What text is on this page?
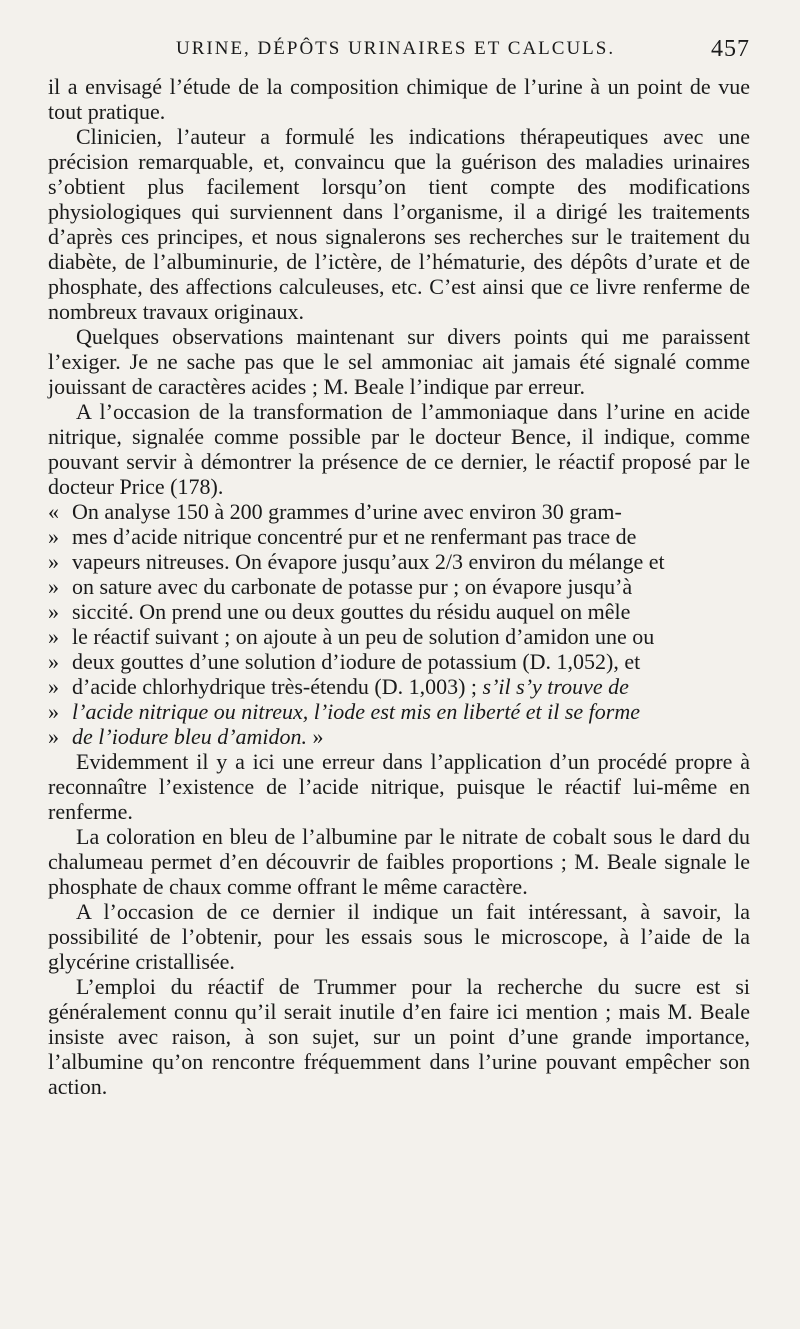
URINE, DÉPÔTS URINAIRES ET CALCULS.	457

il a envisagé l’étude de la composition chimique de l’urine à un point de vue tout pratique.

Clinicien, l’auteur a formulé les indications thérapeutiques avec une précision remarquable, et, convaincu que la guérison des maladies urinaires s’obtient plus facilement lorsqu’on tient compte des modifications physiologiques qui surviennent dans l’organisme, il a dirigé les traitements d’après ces principes, et nous signalerons ses recherches sur le traitement du diabète, de l’albuminurie, de l’ictère, de l’hématurie, des dépôts d’urate et de phosphate, des affections calculeuses, etc. C’est ainsi que ce livre renferme de nombreux travaux originaux.

Quelques observations maintenant sur divers points qui me paraissent l’exiger. Je ne sache pas que le sel ammoniac ait jamais été signalé comme jouissant de caractères acides ; M. Beale l’indique par erreur.

A l’occasion de la transformation de l’ammoniaque dans l’urine en acide nitrique, signalée comme possible par le docteur Bence, il indique, comme pouvant servir à démontrer la présence de ce dernier, le réactif proposé par le docteur Price (178).

« On analyse 150 à 200 grammes d’urine avec environ 30 gram-
» mes d’acide nitrique concentré pur et ne renfermant pas trace de
» vapeurs nitreuses. On évapore jusqu’aux 2/3 environ du mélange et
» on sature avec du carbonate de potasse pur ; on évapore jusqu’à
» siccité. On prend une ou deux gouttes du résidu auquel on mêle
» le réactif suivant ; on ajoute à un peu de solution d’amidon une ou
» deux gouttes d’une solution d’iodure de potassium (D. 1,052), et
» d’acide chlorhydrique très-étendu (D. 1,003) ; s’il s’y trouve de
» l’acide nitrique ou nitreux, l’iode est mis en liberté et il se forme
» de l’iodure bleu d’amidon. »

Evidemment il y a ici une erreur dans l’application d’un procédé propre à reconnaître l’existence de l’acide nitrique, puisque le réactif lui-même en renferme.

La coloration en bleu de l’albumine par le nitrate de cobalt sous le dard du chalumeau permet d’en découvrir de faibles proportions ; M. Beale signale le phosphate de chaux comme offrant le même caractère.

A l’occasion de ce dernier il indique un fait intéressant, à savoir, la possibilité de l’obtenir, pour les essais sous le microscope, à l’aide de la glycérine cristallisée.

L’emploi du réactif de Trummer pour la recherche du sucre est si généralement connu qu’il serait inutile d’en faire ici mention ; mais M. Beale insiste avec raison, à son sujet, sur un point d’une grande importance, l’albumine qu’on rencontre fréquemment dans l’urine pouvant empêcher son action.
